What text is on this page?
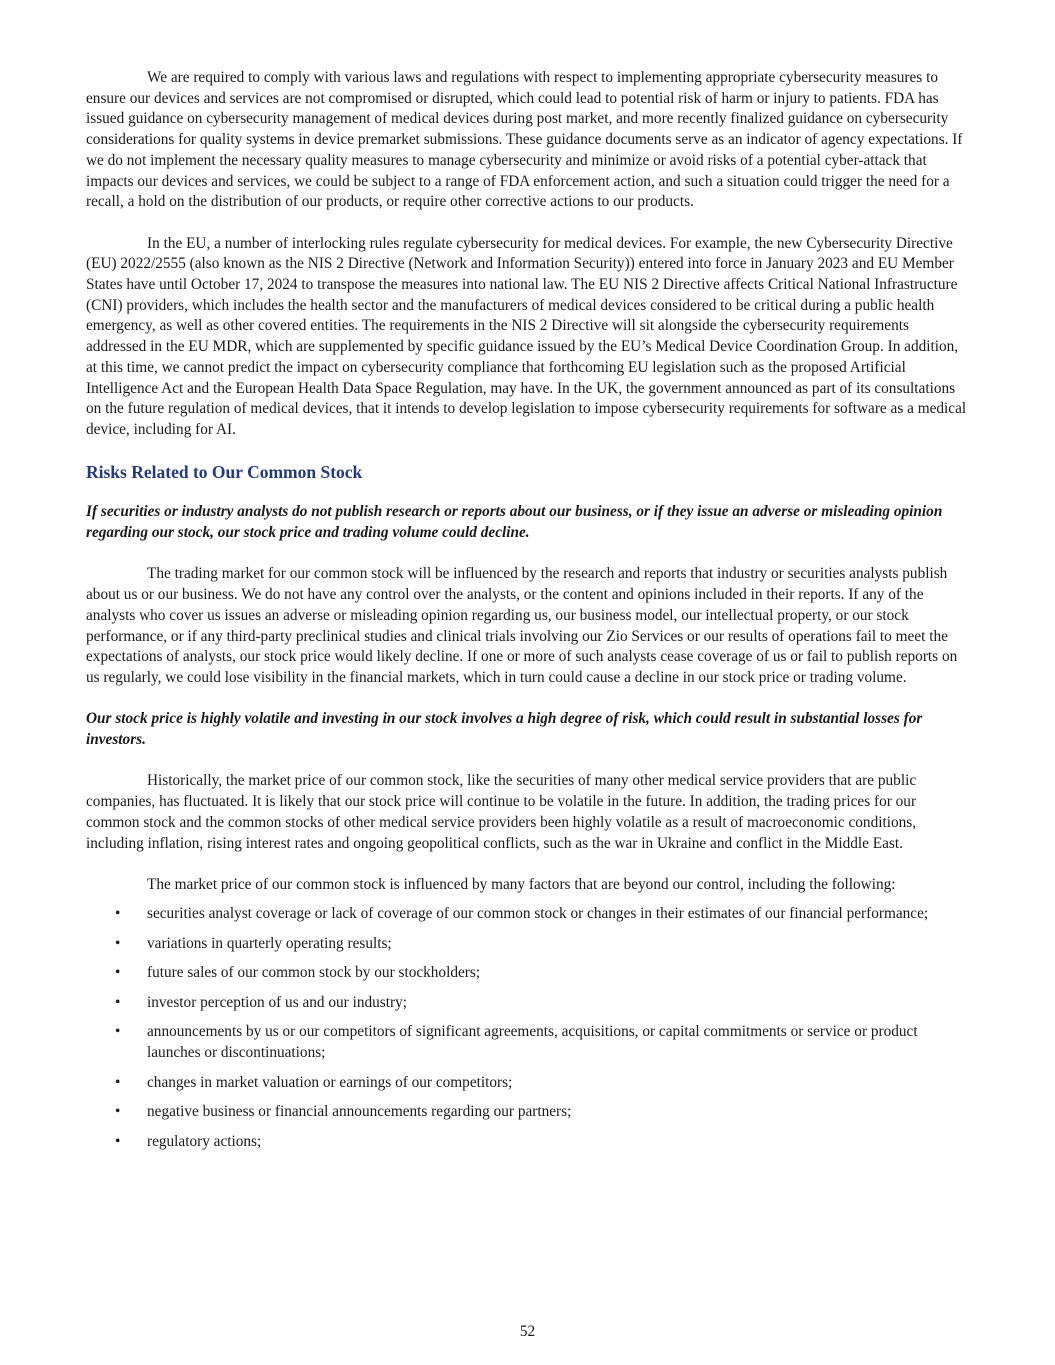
We are required to comply with various laws and regulations with respect to implementing appropriate cybersecurity measures to ensure our devices and services are not compromised or disrupted, which could lead to potential risk of harm or injury to patients. FDA has issued guidance on cybersecurity management of medical devices during post market, and more recently finalized guidance on cybersecurity considerations for quality systems in device premarket submissions. These guidance documents serve as an indicator of agency expectations. If we do not implement the necessary quality measures to manage cybersecurity and minimize or avoid risks of a potential cyber-attack that impacts our devices and services, we could be subject to a range of FDA enforcement action, and such a situation could trigger the need for a recall, a hold on the distribution of our products, or require other corrective actions to our products.

In the EU, a number of interlocking rules regulate cybersecurity for medical devices. For example, the new Cybersecurity Directive (EU) 2022/2555 (also known as the NIS 2 Directive (Network and Information Security)) entered into force in January 2023 and EU Member States have until October 17, 2024 to transpose the measures into national law. The EU NIS 2 Directive affects Critical National Infrastructure (CNI) providers, which includes the health sector and the manufacturers of medical devices considered to be critical during a public health emergency, as well as other covered entities. The requirements in the NIS 2 Directive will sit alongside the cybersecurity requirements addressed in the EU MDR, which are supplemented by specific guidance issued by the EU’s Medical Device Coordination Group. In addition, at this time, we cannot predict the impact on cybersecurity compliance that forthcoming EU legislation such as the proposed Artificial Intelligence Act and the European Health Data Space Regulation, may have. In the UK, the government announced as part of its consultations on the future regulation of medical devices, that it intends to develop legislation to impose cybersecurity requirements for software as a medical device, including for AI.

Risks Related to Our Common Stock

If securities or industry analysts do not publish research or reports about our business, or if they issue an adverse or misleading opinion regarding our stock, our stock price and trading volume could decline.

The trading market for our common stock will be influenced by the research and reports that industry or securities analysts publish about us or our business. We do not have any control over the analysts, or the content and opinions included in their reports. If any of the analysts who cover us issues an adverse or misleading opinion regarding us, our business model, our intellectual property, or our stock performance, or if any third-party preclinical studies and clinical trials involving our Zio Services or our results of operations fail to meet the expectations of analysts, our stock price would likely decline. If one or more of such analysts cease coverage of us or fail to publish reports on us regularly, we could lose visibility in the financial markets, which in turn could cause a decline in our stock price or trading volume.

Our stock price is highly volatile and investing in our stock involves a high degree of risk, which could result in substantial losses for investors.

Historically, the market price of our common stock, like the securities of many other medical service providers that are public companies, has fluctuated. It is likely that our stock price will continue to be volatile in the future. In addition, the trading prices for our common stock and the common stocks of other medical service providers been highly volatile as a result of macroeconomic conditions, including inflation, rising interest rates and ongoing geopolitical conflicts, such as the war in Ukraine and conflict in the Middle East.

The market price of our common stock is influenced by many factors that are beyond our control, including the following:

• securities analyst coverage or lack of coverage of our common stock or changes in their estimates of our financial performance;
• variations in quarterly operating results;
• future sales of our common stock by our stockholders;
• investor perception of us and our industry;
• announcements by us or our competitors of significant agreements, acquisitions, or capital commitments or service or product launches or discontinuations;
• changes in market valuation or earnings of our competitors;
• negative business or financial announcements regarding our partners;
• regulatory actions;
52
